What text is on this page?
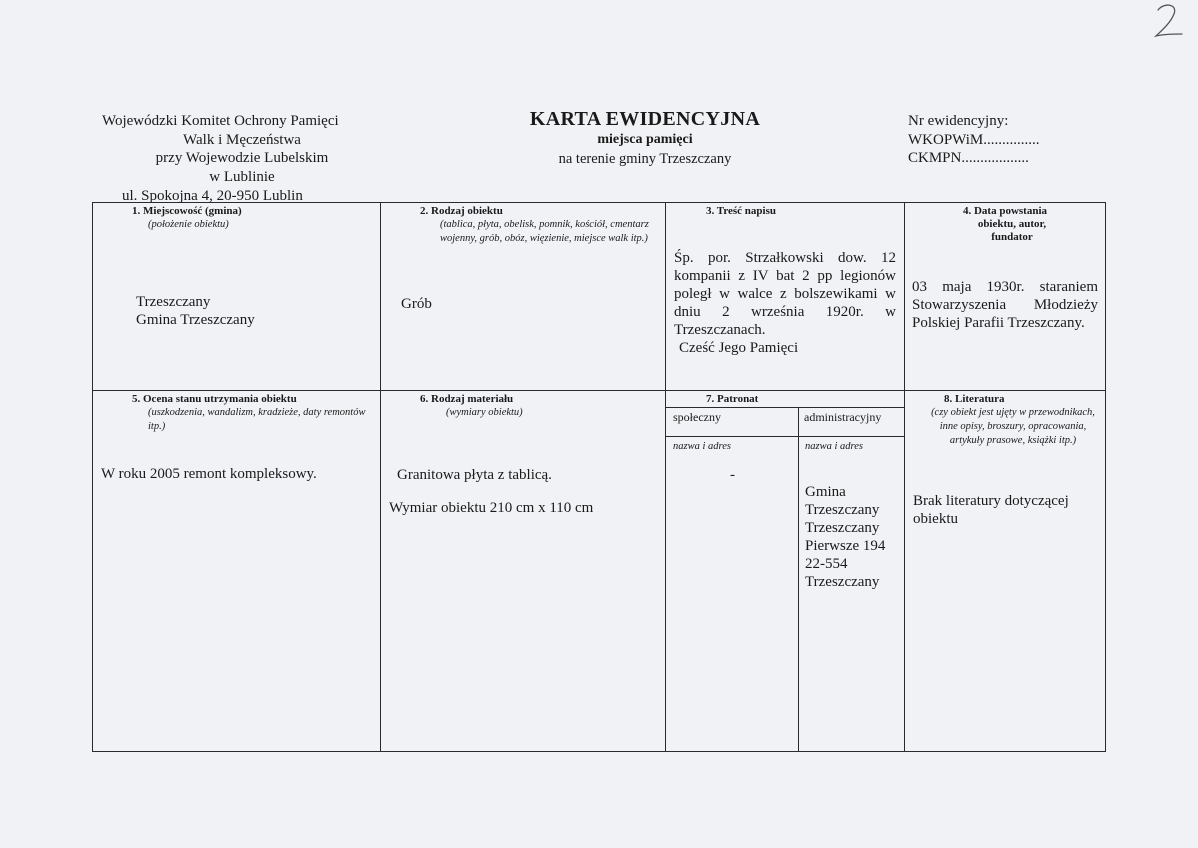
Wojewódzki Komitet Ochrony Pamięci
Walk i Męczeństwa
przy Wojewodzie Lubelskim
w Lublinie
ul. Spokojna 4, 20-950 Lublin
KARTA EWIDENCYJNA
miejsca pamięci
na terenie gminy Trzeszczany
Nr ewidencyjny:
WKOPWiM...............
CKMPN..................
1. Miejscowość (gmina)
(położenie obiektu)
Trzeszczany
Gmina Trzeszczany
2. Rodzaj obiektu
(tablica, płyta, obelisk, pomnik, kościół, cmentarz wojenny, grób, obóz, więzienie, miejsce walk itp.)
Grób
3. Treść napisu
Śp. por. Strzałkowski dow. 12 kompanii z IV bat 2 pp legionów poległ w walce z bolszewikami w dniu 2 września 1920r. w Trzeszczanach.
Cześć Jego Pamięci
4. Data powstania
obiektu, autor,
fundator
03 maja 1930r. staraniem Stowarzyszenia Młodzieży Polskiej Parafii Trzeszczany.
5. Ocena stanu utrzymania obiektu
(uszkodzenia, wandalizm, kradzieże, daty remontów itp.)
W roku 2005 remont kompleksowy.
6. Rodzaj materiału
(wymiary obiektu)
Granitowa płyta z tablicą.
Wymiar obiektu 210 cm x 110 cm
7. Patronat
społeczny	administracyjny
nazwa i adres	nazwa i adres
-
Gmina
Trzeszczany
Trzeszczany
Pierwsze 194
22-554
Trzeszczany
8. Literatura
(czy obiekt jest ujęty w przewodnikach, inne opisy, broszury, opracowania, artykuły prasowe, książki itp.)
Brak literatury dotyczącej obiektu
